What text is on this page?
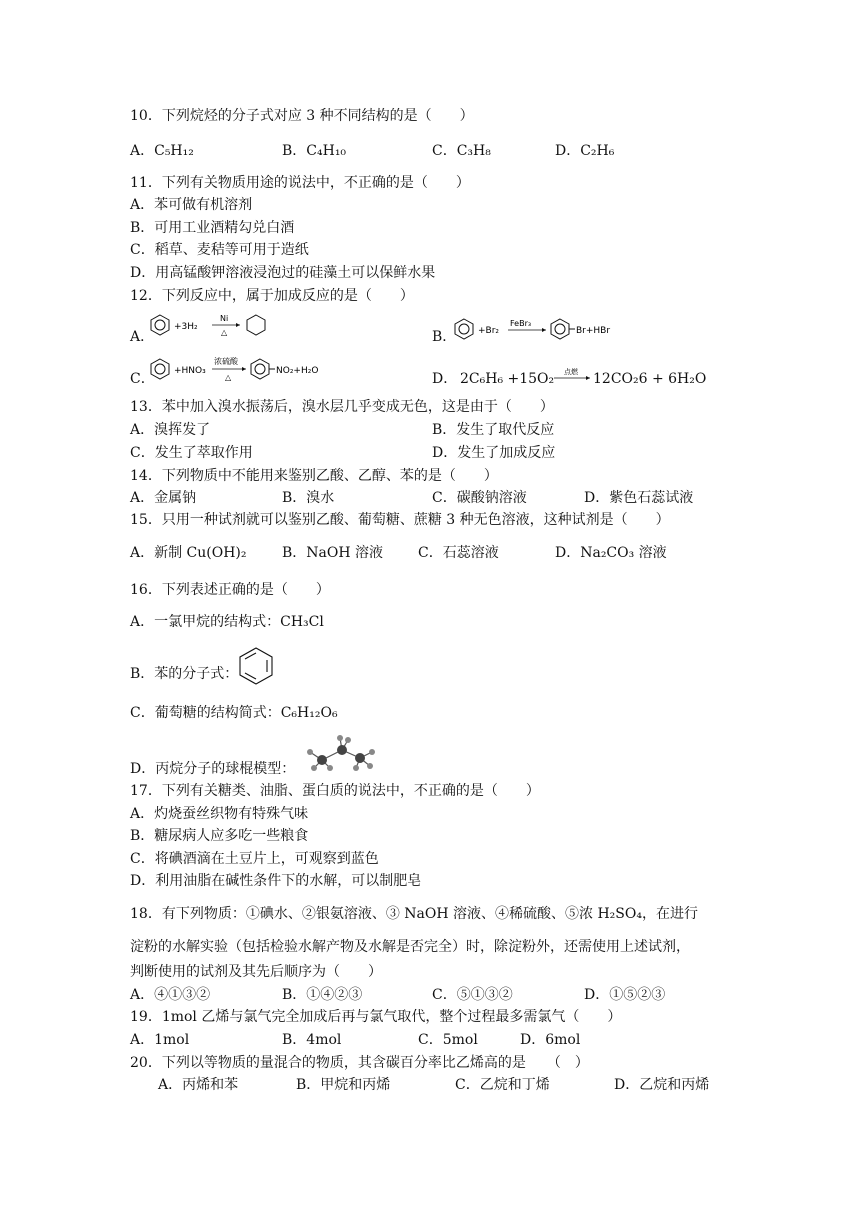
10．下列烷烃的分子式对应 3 种不同结构的是（　　）
A．C₅H₁₂	B．C₄H₁₀	C．C₃H₈	D．C₂H₆
11．下列有关物质用途的说法中，不正确的是（　　）
A．苯可做有机溶剂
B．可用工业酒精勾兑白酒
C．稻草、麦秸等可用于造纸
D．用高锰酸钾溶液浸泡过的硅藻土可以保鲜水果
12．下列反应中，属于加成反应的是（　　）
A．
+3H₂
Ni
△	B． +Br₂
FeBr₃
Br+HBr
C． +HNO₃
浓硫酸
△
NO₂+H₂O	D． 2C₆H₆ +15O₂ 点燃 12CO₂6 + 6H₂O
13．苯中加入溴水振荡后，溴水层几乎变成无色，这是由于（　　）
A．溴挥发了	B．发生了取代反应
C．发生了萃取作用	D．发生了加成反应
14．下列物质中不能用来鉴别乙酸、乙醇、苯的是（　　）
A．金属钠	B．溴水	C．碳酸钠溶液	D．紫色石蕊试液
15．只用一种试剂就可以鉴别乙酸、葡萄糖、蔗糖 3 种无色溶液，这种试剂是（　　）
A．新制 Cu(OH)₂	B．NaOH 溶液 C．石蕊溶液	D．Na₂CO₃ 溶液
16．下列表述正确的是（　　）
A．一氯甲烷的结构式：CH₃Cl
B．苯的分子式：
C．葡萄糖的结构简式：C₆H₁₂O₆
D．丙烷分子的球棍模型：
17．下列有关糖类、油脂、蛋白质的说法中，不正确的是（　　）
A．灼烧蚕丝织物有特殊气味
B．糖尿病人应多吃一些粮食
C．将碘酒滴在土豆片上，可观察到蓝色
D．利用油脂在碱性条件下的水解，可以制肥皂
18．有下列物质：①碘水、②银氨溶液、③ NaOH 溶液、④稀硫酸、⑤浓 H₂SO₄，在进行
淀粉的水解实验（包括检验水解产物及水解是否完全）时，除淀粉外，还需使用上述试剂，
判断使用的试剂及其先后顺序为（　　）
A．④①③②	B．①④②③	C．⑤①③②	D．①⑤②③
19．1mol 乙烯与氯气完全加成后再与氯气取代，整个过程最多需氯气（　　）
A．1mol	B．4mol	C．5mol	D．6mol
20．下列以等物质的量混合的物质，其含碳百分率比乙烯高的是　　（　）
A．丙烯和苯	B．甲烷和丙烯	C．乙烷和丁烯	D．乙烷和丙烯
